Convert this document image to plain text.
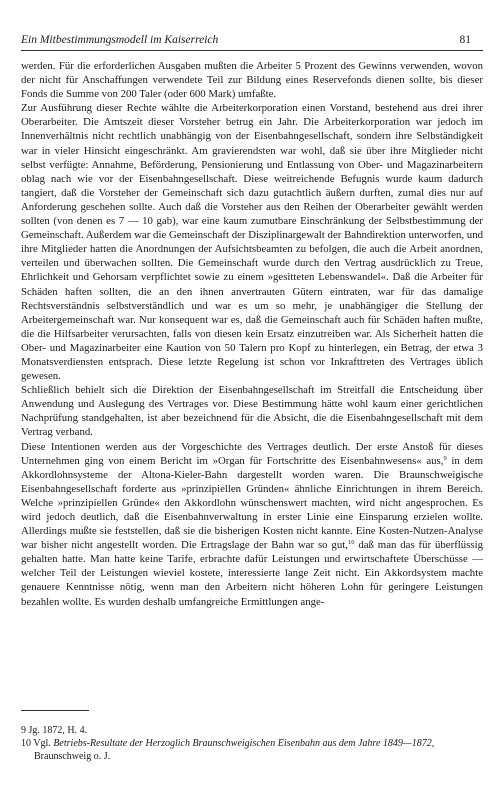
Ein Mitbestimmungsmodell im Kaiserreich	81

werden. Für die erforderlichen Ausgaben mußten die Arbeiter 5 Prozent des Gewinns verwenden, wovon der nicht für Anschaffungen verwendete Teil zur Bildung eines Reservefonds dienen sollte, bis dieser Fonds die Summe von 200 Taler (oder 600 Mark) umfaßte.

Zur Ausführung dieser Rechte wählte die Arbeiterkorporation einen Vorstand, bestehend aus drei ihrer Oberarbeiter. Die Amtszeit dieser Vorsteher betrug ein Jahr. Die Arbeiterkorporation war jedoch im Innenverhältnis nicht rechtlich unabhängig von der Eisenbahngesellschaft, sondern ihre Selbständigkeit war in vieler Hinsicht eingeschränkt. Am gravierendsten war wohl, daß sie über ihre Mitglieder nicht selbst verfügte: Annahme, Beförderung, Pensionierung und Entlassung von Ober- und Magazinarbeitern oblag nach wie vor der Eisenbahngesellschaft. Diese weitreichende Befugnis wurde kaum dadurch tangiert, daß die Vorsteher der Gemeinschaft sich dazu gutachtlich äußern durften, zumal dies nur auf Anforderung geschehen sollte. Auch daß die Vorsteher aus den Reihen der Oberarbeiter gewählt werden sollten (von denen es 7 — 10 gab), war eine kaum zumutbare Einschränkung der Selbstbestimmung der Gemeinschaft. Außerdem war die Gemeinschaft der Disziplinargewalt der Bahndirektion unterworfen, und ihre Mitglieder hatten die Anordnungen der Aufsichtsbeamten zu befolgen, die auch die Arbeit anordnen, verteilen und überwachen sollten. Die Gemeinschaft wurde durch den Vertrag ausdrücklich zu Treue, Ehrlichkeit und Gehorsam verpflichtet sowie zu einem »gesitteten Lebenswandel«. Daß die Arbeiter für Schäden haften sollten, die an den ihnen anvertrauten Gütern eintraten, war für das damalige Rechtsverständnis selbstverständlich und war es um so mehr, je unabhängiger die Stellung der Arbeitergemeinschaft war. Nur konsequent war es, daß die Gemeinschaft auch für Schäden haften mußte, die die Hilfsarbeiter verursachten, falls von diesen kein Ersatz einzutreiben war. Als Sicherheit hatten die Ober- und Magazinarbeiter eine Kaution von 50 Talern pro Kopf zu hinterlegen, ein Betrag, der etwa 3 Monatsverdiensten entsprach. Diese letzte Regelung ist schon vor Inkrafttreten des Vertrages üblich gewesen.

Schließlich behielt sich die Direktion der Eisenbahngesellschaft im Streitfall die Entscheidung über Anwendung und Auslegung des Vertrages vor. Diese Bestimmung hätte wohl kaum einer gerichtlichen Nachprüfung standgehalten, ist aber bezeichnend für die Absicht, die die Eisenbahngesellschaft mit dem Vertrag verband.

Diese Intentionen werden aus der Vorgeschichte des Vertrages deutlich. Der erste Anstoß für dieses Unternehmen ging von einem Bericht im »Organ für Fortschritte des Eisenbahnwesens« aus,$^9$ in dem Akkordlohnsysteme der Altona-Kieler-Bahn dargestellt worden waren. Die Braunschweigische Eisenbahngesellschaft forderte aus »prinzipiellen Gründen« ähnliche Einrichtungen in ihrem Bereich. Welche »prinzipiellen Gründe« den Akkordlohn wünschenswert machten, wird nicht angesprochen. Es wird jedoch deutlich, daß die Eisenbahnverwaltung in erster Linie eine Einsparung erzielen wollte. Allerdings mußte sie feststellen, daß sie die bisherigen Kosten nicht kannte. Eine Kosten-Nutzen-Analyse war bisher nicht angestellt worden. Die Ertragslage der Bahn war so gut,$^{10}$ daß man das für überflüssig gehalten hatte. Man hatte keine Tarife, erbrachte dafür Leistungen und erwirtschaftete Überschüsse — welcher Teil der Leistungen wieviel kostete, interessierte lange Zeit nicht. Ein Akkordsystem machte genauere Kenntnisse nötig, wenn man den Arbeitern nicht höheren Lohn für geringere Leistungen bezahlen wollte. Es wurden deshalb umfangreiche Ermittlungen ange-

9 Jg. 1872, H. 4.

10 Vgl. Betriebs-Resultate der Herzoglich Braunschweigischen Eisenbahn aus dem Jahre 1849—1872, Braunschweig o. J.
